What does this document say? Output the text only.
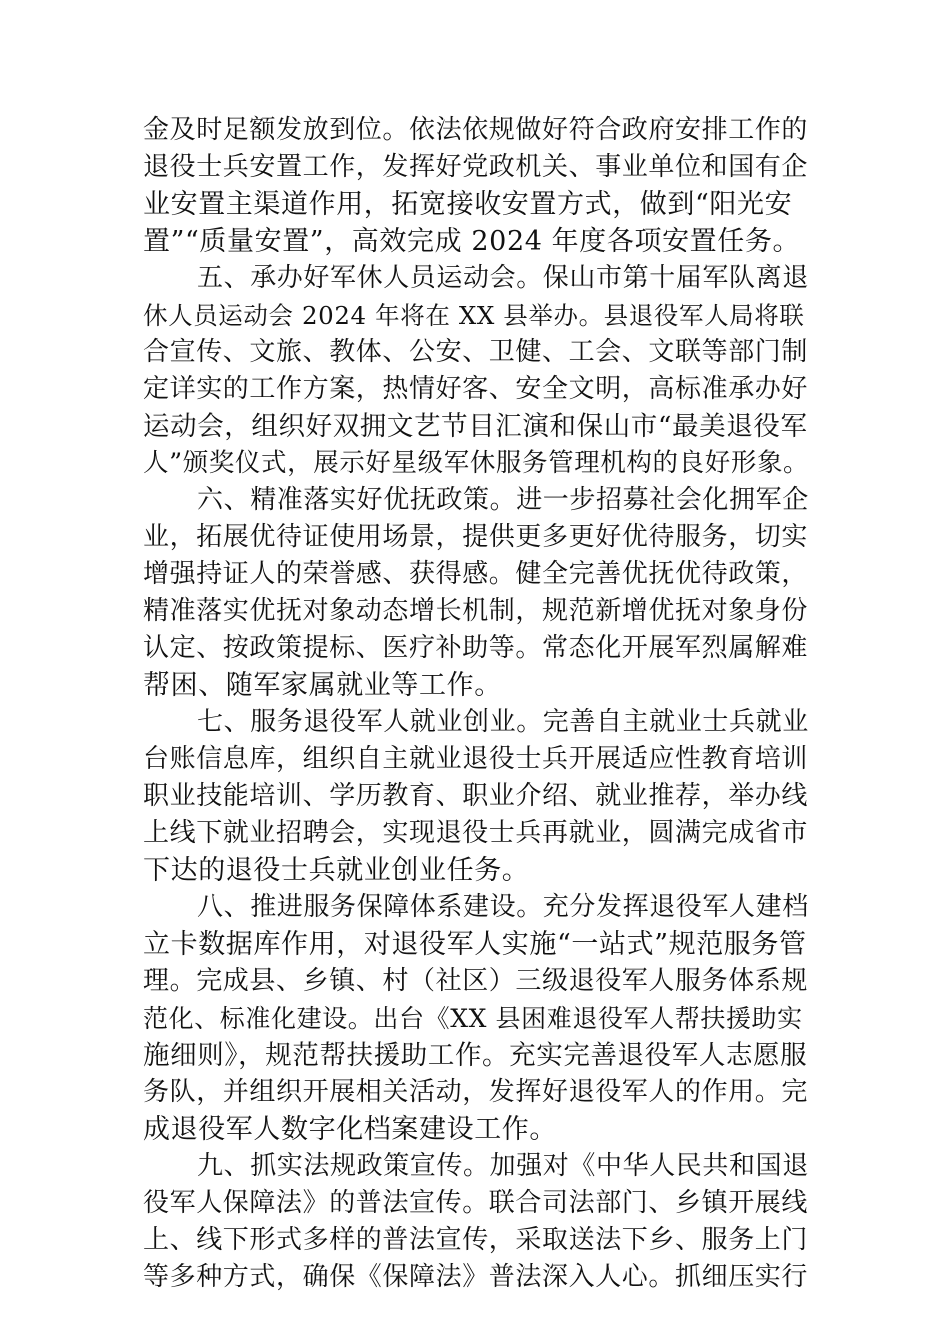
金及时足额发放到位。依法依规做好符合政府安排工作的
退役士兵安置工作，发挥好党政机关、事业单位和国有企
业安置主渠道作用，拓宽接收安置方式，做到“阳光安
置”“质量安置”，高效完成 2024 年度各项安置任务。
五、承办好军休人员运动会。保山市第十届军队离退
休人员运动会 2024 年将在 XX 县举办。县退役军人局将联
合宣传、文旅、教体、公安、卫健、工会、文联等部门制
定详实的工作方案，热情好客、安全文明，高标准承办好
运动会，组织好双拥文艺节目汇演和保山市“最美退役军
人”颁奖仪式，展示好星级军休服务管理机构的良好形象。
六、精准落实好优抚政策。进一步招募社会化拥军企
业，拓展优待证使用场景，提供更多更好优待服务，切实
增强持证人的荣誉感、获得感。健全完善优抚优待政策，
精准落实优抚对象动态增长机制，规范新增优抚对象身份
认定、按政策提标、医疗补助等。常态化开展军烈属解难
帮困、随军家属就业等工作。
七、服务退役军人就业创业。完善自主就业士兵就业
台账信息库，组织自主就业退役士兵开展适应性教育培训
职业技能培训、学历教育、职业介绍、就业推荐，举办线
上线下就业招聘会，实现退役士兵再就业，圆满完成省市
下达的退役士兵就业创业任务。
八、推进服务保障体系建设。充分发挥退役军人建档
立卡数据库作用，对退役军人实施“一站式”规范服务管
理。完成县、乡镇、村（社区）三级退役军人服务体系规
范化、标准化建设。出台《XX 县困难退役军人帮扶援助实
施细则》，规范帮扶援助工作。充实完善退役军人志愿服
务队，并组织开展相关活动，发挥好退役军人的作用。完
成退役军人数字化档案建设工作。
九、抓实法规政策宣传。加强对《中华人民共和国退
役军人保障法》的普法宣传。联合司法部门、乡镇开展线
上、线下形式多样的普法宣传，采取送法下乡、服务上门
等多种方式，确保《保障法》普法深入人心。抓细压实行
